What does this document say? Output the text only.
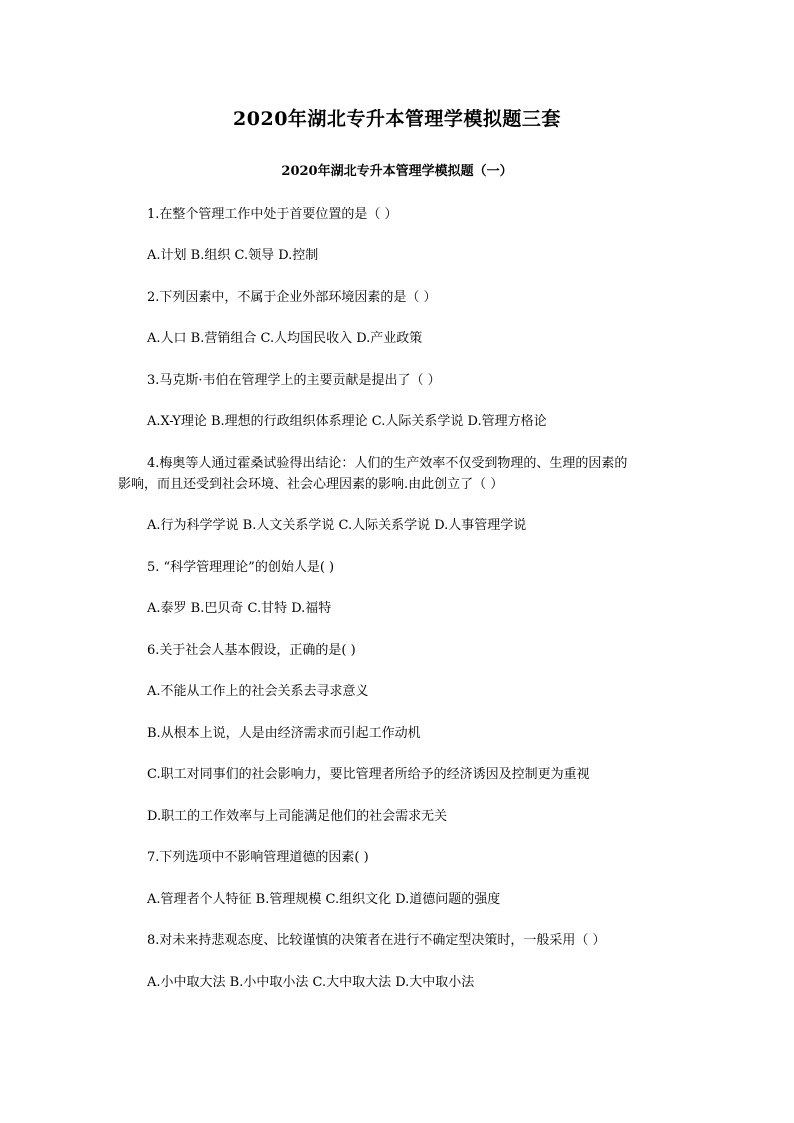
2020年湖北专升本管理学模拟题三套
2020年湖北专升本管理学模拟题（一）
1.在整个管理工作中处于首要位置的是（ ）
A.计划 B.组织 C.领导 D.控制
2.下列因素中，不属于企业外部环境因素的是（ ）
A.人口 B.营销组合 C.人均国民收入 D.产业政策
3.马克斯·韦伯在管理学上的主要贡献是提出了（ ）
A.X-Y理论 B.理想的行政组织体系理论 C.人际关系学说 D.管理方格论
4.梅奥等人通过霍桑试验得出结论：人们的生产效率不仅受到物理的、生理的因素的
影响，而且还受到社会环境、社会心理因素的影响.由此创立了（ ）
A.行为科学学说 B.人文关系学说 C.人际关系学说 D.人事管理学说
5. “科学管理理论”的创始人是( )
A.泰罗 B.巴贝奇 C.甘特 D.福特
6.关于社会人基本假设，正确的是( )
A.不能从工作上的社会关系去寻求意义
B.从根本上说，人是由经济需求而引起工作动机
C.职工对同事们的社会影响力，要比管理者所给予的经济诱因及控制更为重视
D.职工的工作效率与上司能满足他们的社会需求无关
7.下列选项中不影响管理道德的因素( )
A.管理者个人特征 B.管理规模 C.组织文化 D.道德问题的强度
8.对未来持悲观态度、比较谨慎的决策者在进行不确定型决策时，一般采用（ ）
A.小中取大法 B.小中取小法 C.大中取大法 D.大中取小法
